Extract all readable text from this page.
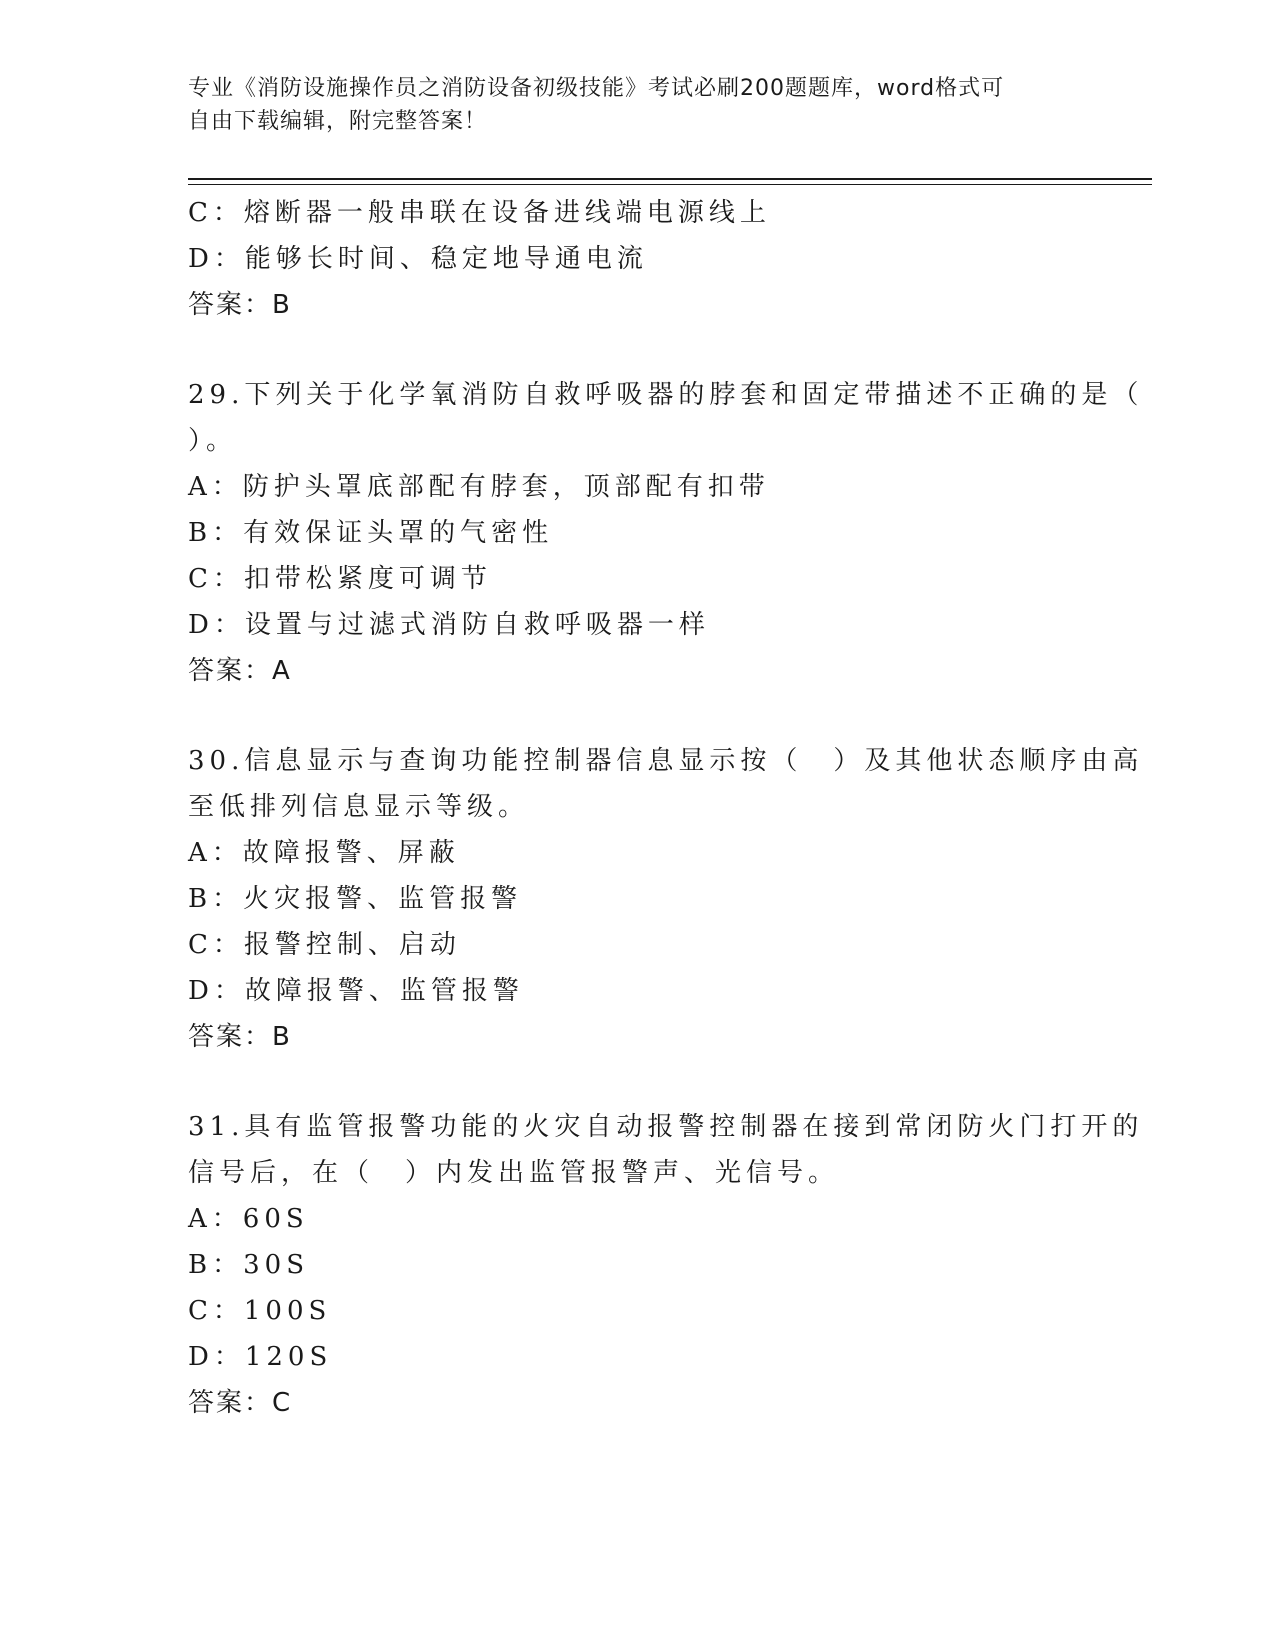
专业《消防设施操作员之消防设备初级技能》考试必刷200题题库，word格式可
自由下载编辑，附完整答案！
C：熔断器一般串联在设备进线端电源线上
D：能够长时间、稳定地导通电流
答案：B
29.下列关于化学氧消防自救呼吸器的脖套和固定带描述不正确的是（
）。
A：防护头罩底部配有脖套，顶部配有扣带
B：有效保证头罩的气密性
C：扣带松紧度可调节
D：设置与过滤式消防自救呼吸器一样
答案：A
30.信息显示与查询功能控制器信息显示按（　）及其他状态顺序由高
至低排列信息显示等级。
A：故障报警、屏蔽
B：火灾报警、监管报警
C：报警控制、启动
D：故障报警、监管报警
答案：B
31.具有监管报警功能的火灾自动报警控制器在接到常闭防火门打开的
信号后，在（　）内发出监管报警声、光信号。
A：60S
B：30S
C：100S
D：120S
答案：C
